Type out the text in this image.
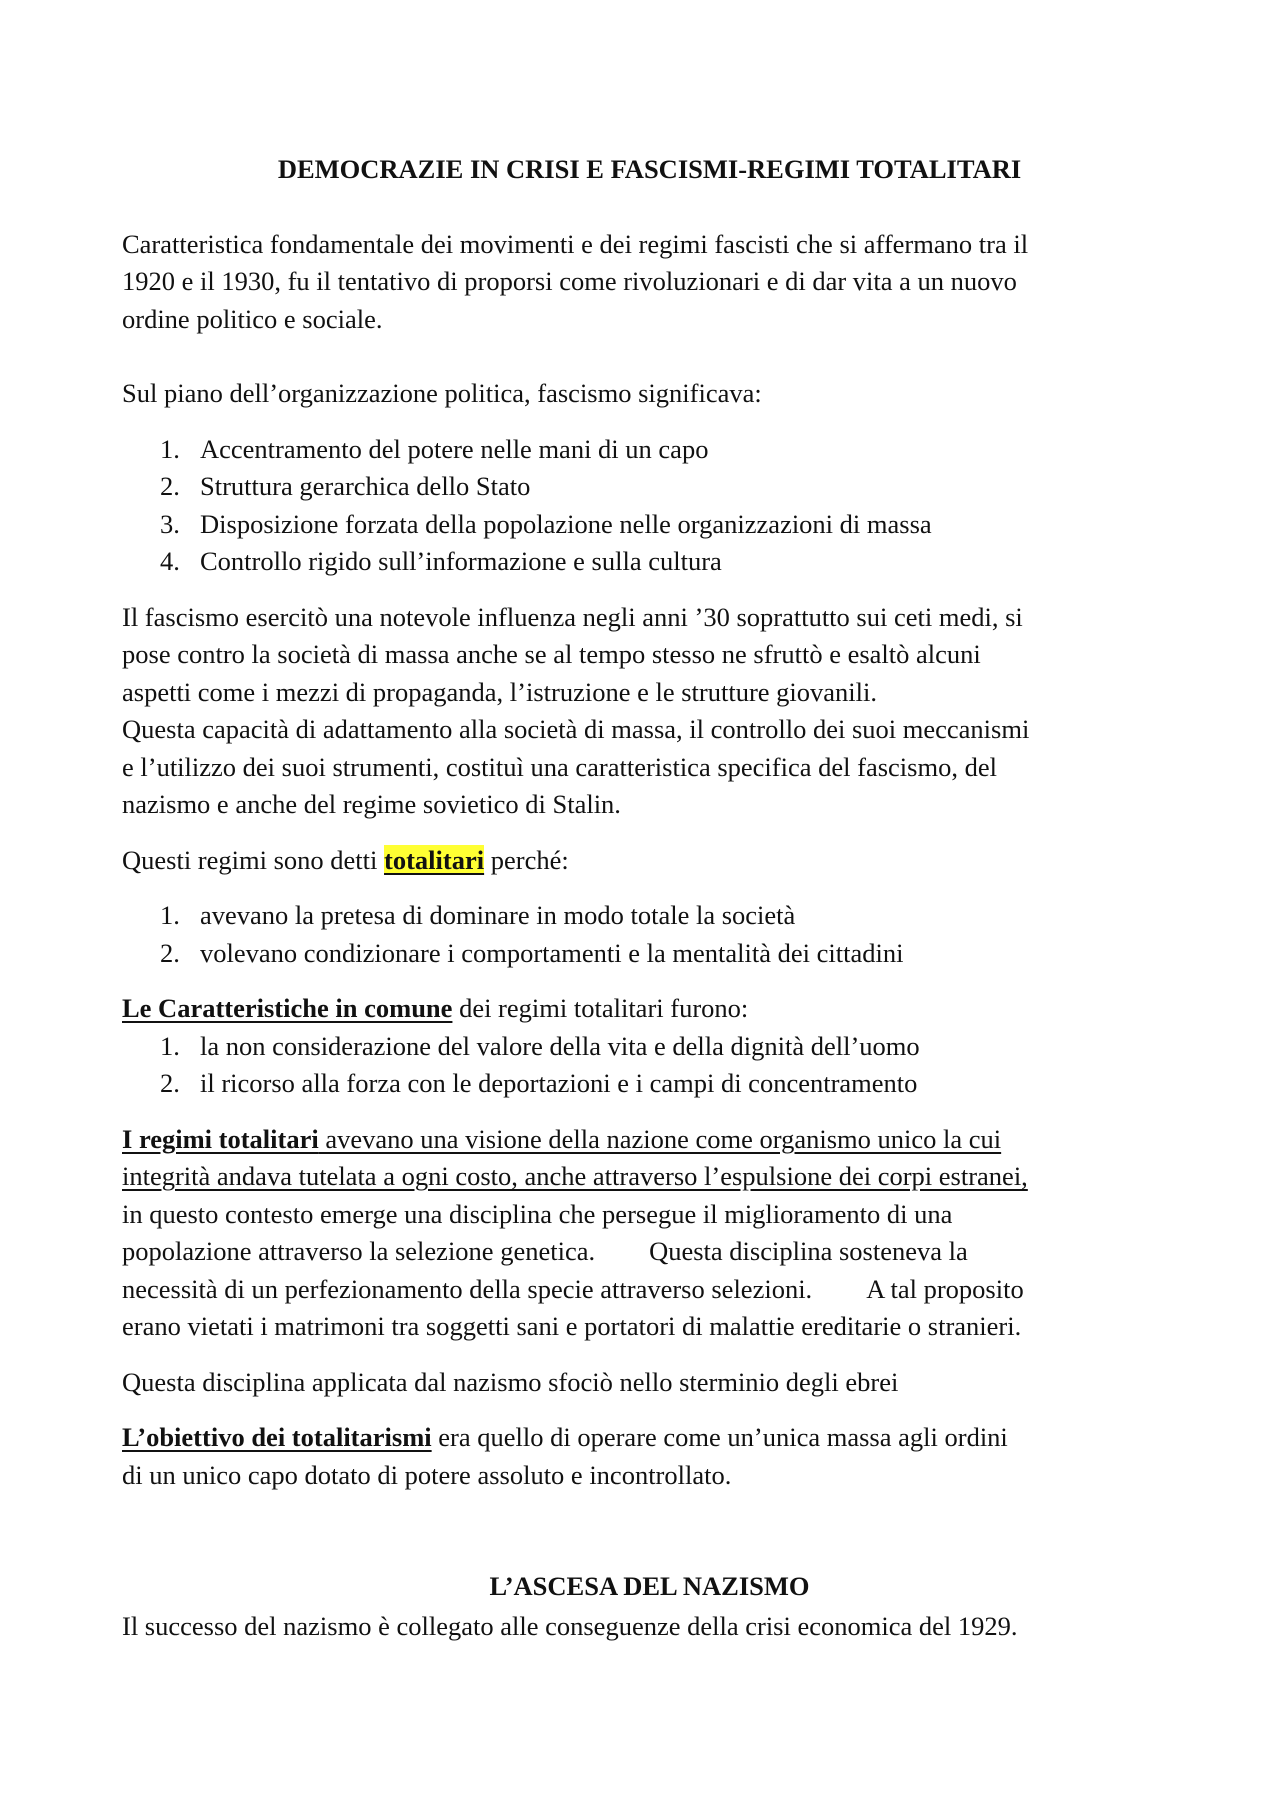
DEMOCRAZIE IN CRISI E FASCISMI-REGIMI TOTALITARI

Caratteristica fondamentale dei movimenti e dei regimi fascisti che si affermano tra il
1920 e il 1930, fu il tentativo di proporsi come rivoluzionari e di dar vita a un nuovo
ordine politico e sociale.

Sul piano dell’organizzazione politica, fascismo significava:

1. Accentramento del potere nelle mani di un capo
2. Struttura gerarchica dello Stato
3. Disposizione forzata della popolazione nelle organizzazioni di massa
4. Controllo rigido sull’informazione e sulla cultura

Il fascismo esercitò una notevole influenza negli anni ’30 soprattutto sui ceti medi, si
pose contro la società di massa anche se al tempo stesso ne sfruttò e esaltò alcuni
aspetti come i mezzi di propaganda, l’istruzione e le strutture giovanili.
Questa capacità di adattamento alla società di massa, il controllo dei suoi meccanismi
e l’utilizzo dei suoi strumenti, costituì una caratteristica specifica del fascismo, del
nazismo e anche del regime sovietico di Stalin.

Questi regimi sono detti totalitari perché:

1. avevano la pretesa di dominare in modo totale la società
2. volevano condizionare i comportamenti e la mentalità dei cittadini

Le Caratteristiche in comune dei regimi totalitari furono:

1. la non considerazione del valore della vita e della dignità dell’uomo
2. il ricorso alla forza con le deportazioni e i campi di concentramento

I regimi totalitari avevano una visione della nazione come organismo unico la cui
integrità andava tutelata a ogni costo, anche attraverso l’espulsione dei corpi estranei,
in questo contesto emerge una disciplina che persegue il miglioramento di una
popolazione attraverso la selezione genetica. Questa disciplina sosteneva la
necessità di un perfezionamento della specie attraverso selezioni. A tal proposito
erano vietati i matrimoni tra soggetti sani e portatori di malattie ereditarie o stranieri.

Questa disciplina applicata dal nazismo sfociò nello sterminio degli ebrei

L’obiettivo dei totalitarismi era quello di operare come un’unica massa agli ordini
di un unico capo dotato di potere assoluto e incontrollato.

L’ASCESA DEL NAZISMO

Il successo del nazismo è collegato alle conseguenze della crisi economica del 1929.
